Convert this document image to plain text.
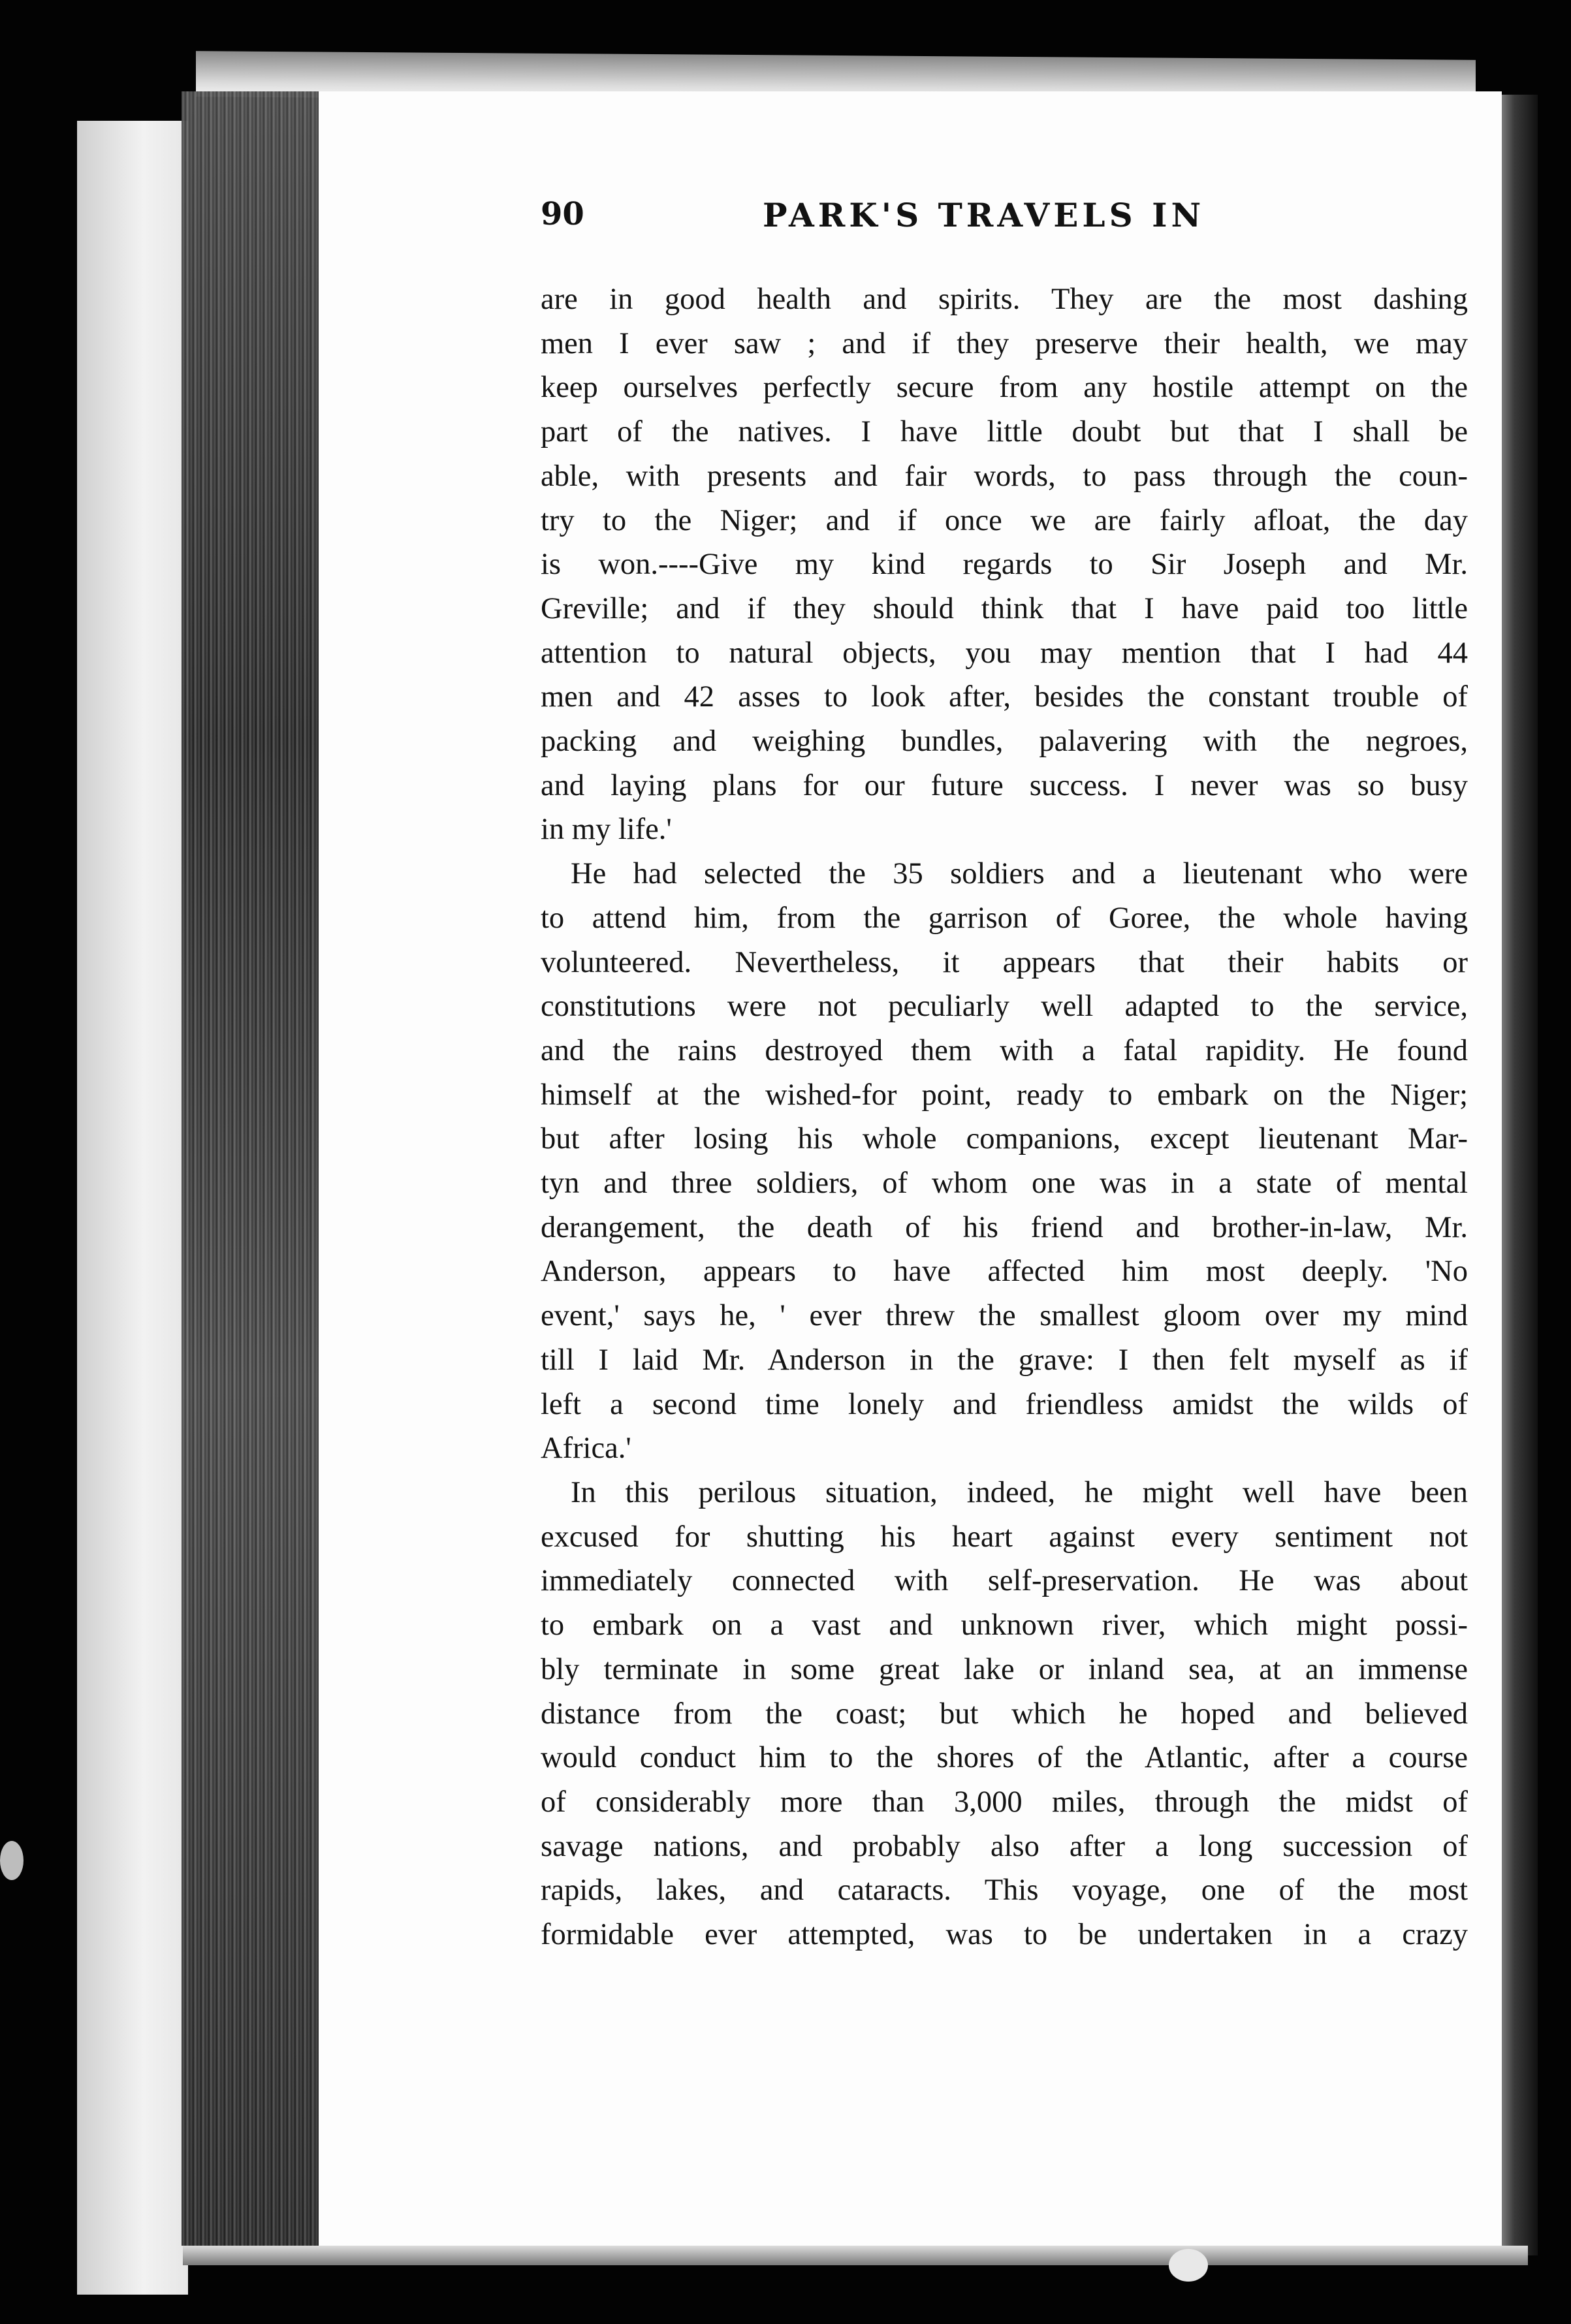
90	PARK'S TRAVELS IN
are in good health and spirits. They are the most dashing
men I ever saw ; and if they preserve their health, we may
keep ourselves perfectly secure from any hostile attempt on the
part of the natives. I have little doubt but that I shall be
able, with presents and fair words, to pass through the coun-
try to the Niger; and if once we are fairly afloat, the day
is won.----Give my kind regards to Sir Joseph and Mr.
Greville; and if they should think that I have paid too little
attention to natural objects, you may mention that I had 44
men and 42 asses to look after, besides the constant trouble of
packing and weighing bundles, palavering with the negroes,
and laying plans for our future success. I never was so busy
in my life.'
He had selected the 35 soldiers and a lieutenant who were
to attend him, from the garrison of Goree, the whole having
volunteered. Nevertheless, it appears that their habits or
constitutions were not peculiarly well adapted to the service,
and the rains destroyed them with a fatal rapidity. He found
himself at the wished-for point, ready to embark on the Niger;
but after losing his whole companions, except lieutenant Mar-
tyn and three soldiers, of whom one was in a state of mental
derangement, the death of his friend and brother-in-law, Mr.
Anderson, appears to have affected him most deeply. 'No
event,' says he, ' ever threw the smallest gloom over my mind
till I laid Mr. Anderson in the grave: I then felt myself as if
left a second time lonely and friendless amidst the wilds of
Africa.'
In this perilous situation, indeed, he might well have been
excused for shutting his heart against every sentiment not
immediately connected with self-preservation. He was about
to embark on a vast and unknown river, which might possi-
bly terminate in some great lake or inland sea, at an immense
distance from the coast; but which he hoped and believed
would conduct him to the shores of the Atlantic, after a course
of considerably more than 3,000 miles, through the midst of
savage nations, and probably also after a long succession of
rapids, lakes, and cataracts. This voyage, one of the most
formidable ever attempted, was to be undertaken in a crazy
